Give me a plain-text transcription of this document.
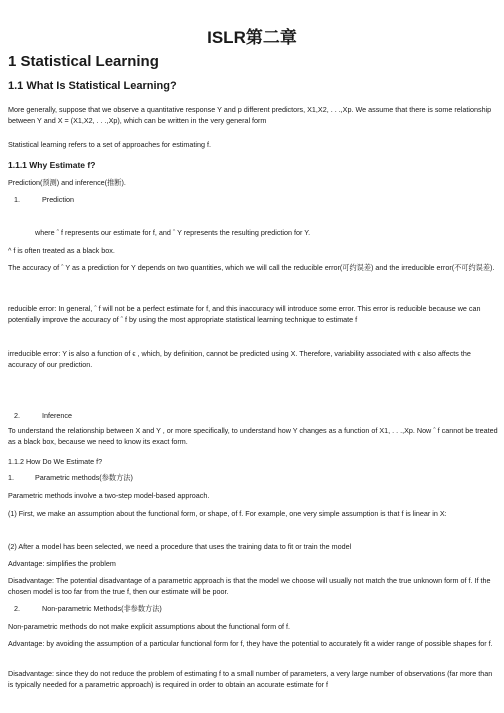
ISLR第二章
1 Statistical Learning
1.1 What Is Statistical Learning?

More generally, suppose that we observe a quantitative response Y and p different predictors, X1,X2, . . .,Xp. We assume that there is some relationship between Y and X = (X1,X2, . . .,Xp), which can be written in the very general form

Statistical learning refers to a set of approaches for estimating f.

1.1.1 Why Estimate f?

Prediction(预测) and inference(推断).

1.	Prediction

where ˆ f represents our estimate for f, and ˆ Y represents the resulting prediction for Y.

^ f is often treated as a black box.

The accuracy of ˆ Y as a prediction for Y depends on two quantities, which we will call the reducible error(可约误差) and the irreducible error(不可约误差).

reducible error: In general, ˆ f will not be a perfect estimate for f, and this inaccuracy will introduce some error. This error is reducible because we can potentially improve the accuracy of ˆ f by using the most appropriate statistical learning technique to estimate f

irreducible error: Y is also a function of ϵ , which, by definition, cannot be predicted using X. Therefore, variability associated with ϵ also affects the accuracy of our prediction.

2.	Inference

To understand the relationship between X and Y , or more specifically, to understand how Y changes as a function of X1, . . .,Xp. Now ˆ f cannot be treated as a black box, because we need to know its exact form.

1.1.2 How Do We Estimate f?

1.	Parametric methods(参数方法)

Parametric methods involve a two-step model-based approach.

(1) First, we make an assumption about the functional form, or shape, of f. For example, one very simple assumption is that f is linear in X:

(2) After a model has been selected, we need a procedure that uses the training data to fit or train the model

Advantage: simplifies the problem

Disadvantage: The potential disadvantage of a parametric approach is that the model we choose will usually not match the true unknown form of f. If the chosen model is too far from the true f, then our estimate will be poor.

2.	Non-parametric Methods(非参数方法)

Non-parametric methods do not make explicit assumptions about the functional form of f.

Advantage: by avoiding the assumption of a particular functional form for f, they have the potential to accurately fit a wider range of possible shapes for f.

Disadvantage: since they do not reduce the problem of estimating f to a small number of parameters, a very large number of observations (far more than is typically needed for a parametric approach) is required in order to obtain an accurate estimate for f
